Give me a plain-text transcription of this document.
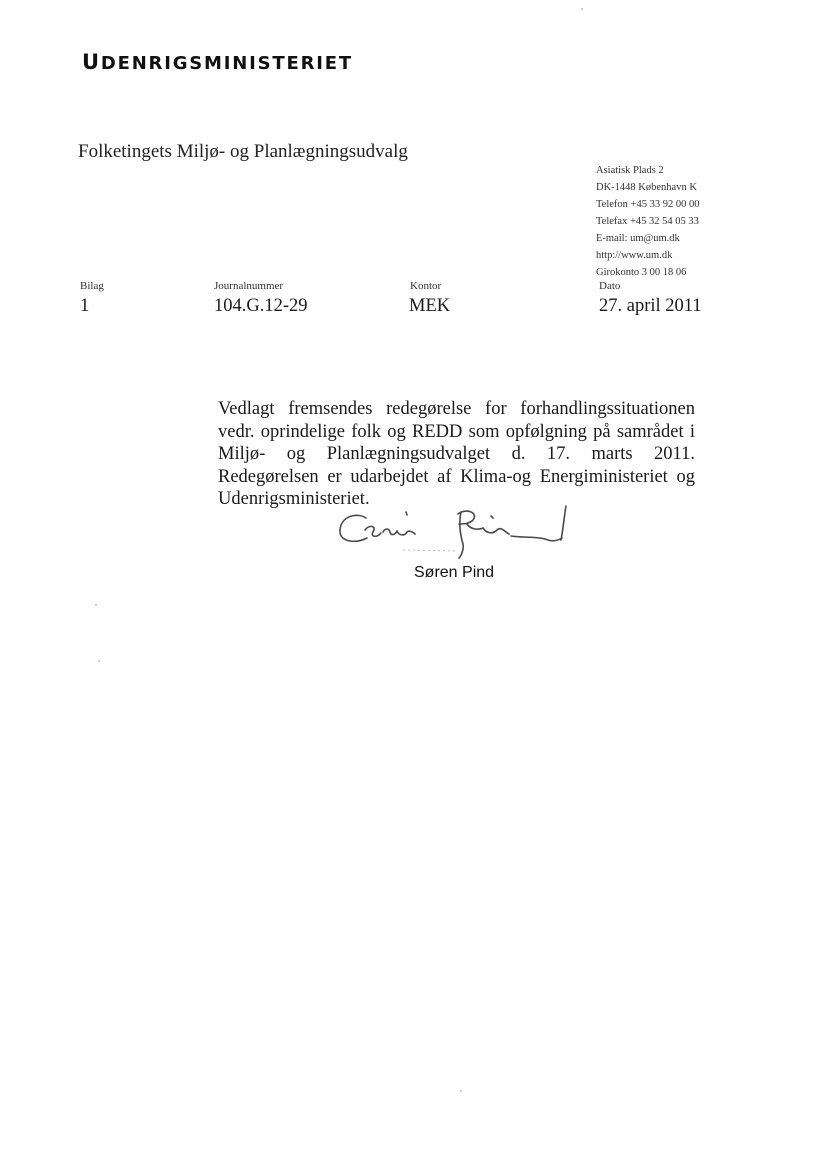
UDENRIGSMINISTERIET
Folketingets Miljø- og Planlægningsudvalg
Asiatisk Plads 2
DK-1448 København K
Telefon +45 33 92 00 00
Telefax +45 32 54 05 33
E-mail: um@um.dk
http://www.um.dk
Girokonto 3 00 18 06
Bilag
1
Journalnummer
104.G.12-29
Kontor
MEK
Dato
27. april 2011
Vedlagt fremsendes redegørelse for forhandlingssituationen vedr. oprindelige folk og REDD som opfølgning på samrådet i Miljø- og Planlægningsudvalget d. 17. marts 2011. Redegørelsen er udarbejdet af Klima-og Energiministeriet og Udenrigsministeriet.
Søren Pind
